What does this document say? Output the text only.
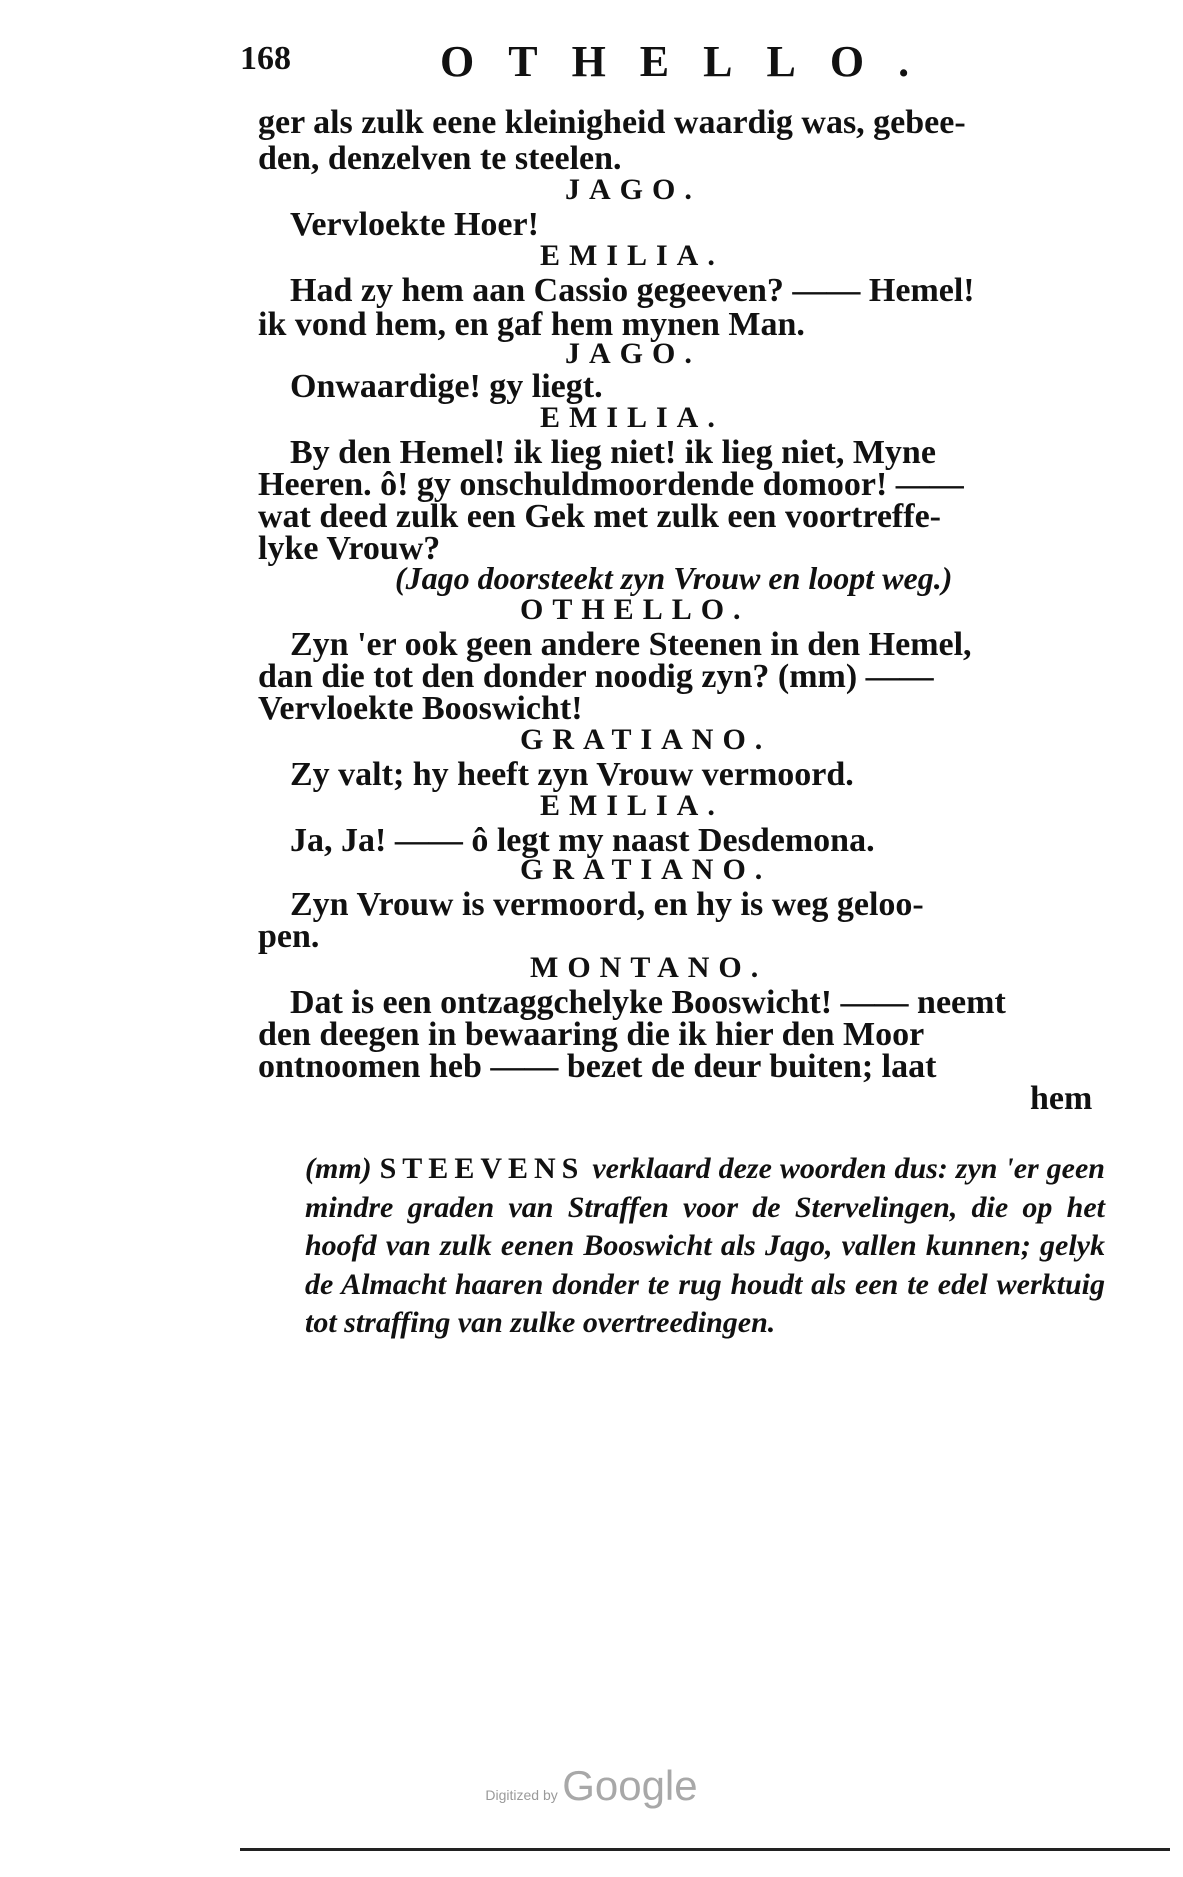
168	OTHELLO.
ger als zulk eene kleinigheid waardig was, gebee-
den, denzelven te steelen.
JAGO.
Vervloekte Hoer!
EMILIA.
Had zy hem aan Cassio gegeeven? —— Hemel!
ik vond hem, en gaf hem mynen Man.
JAGO.
Onwaardige! gy liegt.
EMILIA.
By den Hemel! ik lieg niet! ik lieg niet, Myne
Heeren. ô! gy onschuldmoordende domoor! ——
wat deed zulk een Gek met zulk een voortreffe-
lyke Vrouw?
(Jago doorsteekt zyn Vrouw en loopt weg.)
OTHELLO.
Zyn 'er ook geen andere Steenen in den Hemel,
dan die tot den donder noodig zyn? (mm) ——
Vervloekte Booswicht!
GRATIANO.
Zy valt; hy heeft zyn Vrouw vermoord.
EMILIA.
Ja, Ja! —— ô legt my naast Desdemona.
GRATIANO.
Zyn Vrouw is vermoord, en hy is weg geloo-
pen.
MONTANO.
Dat is een ontzaggchelyke Booswicht! —— neemt
den deegen in bewaaring die ik hier den Moor
ontnoomen heb —— bezet de deur buiten; laat
hem
(mm) STEEVENS verklaard deze woorden dus: zyn 'er geen mindre graden van Straffen voor de Stervelingen, die op het hoofd van zulk eenen Booswicht als Jago, vallen kunnen; gelyk de Almacht haaren donder te rug houdt als een te edel werktuig tot straffing van zulke overtreedingen.
Digitized by Google
